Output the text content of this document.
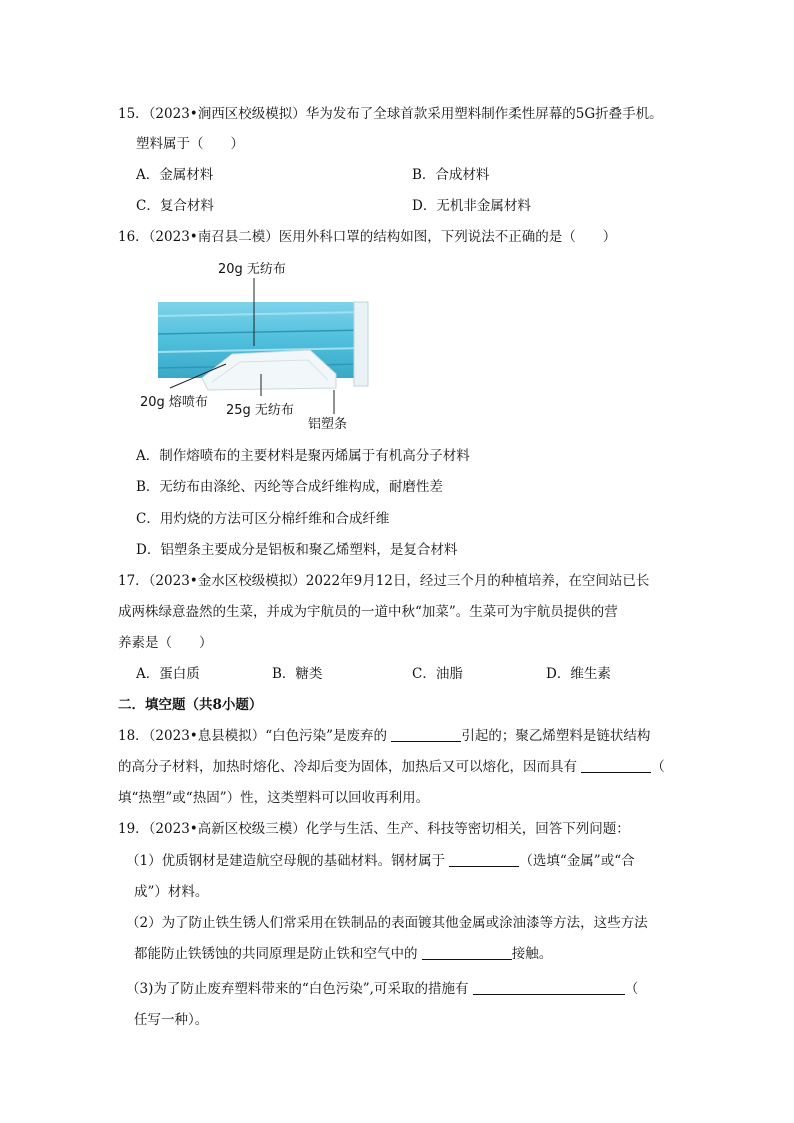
15．（2023•涧西区校级模拟）华为发布了全球首款采用塑料制作柔性屏幕的5G折叠手机。
塑料属于（　　）
A．金属材料	B．合成材料
C．复合材料	D．无机非金属材料
16．（2023•南召县二模）医用外科口罩的结构如图，下列说法不正确的是（　　）
20g 无纺布
20g 熔喷布
25g 无纺布
铝塑条
A．制作熔喷布的主要材料是聚丙烯属于有机高分子材料
B．无纺布由涤纶、丙纶等合成纤维构成，耐磨性差
C．用灼烧的方法可区分棉纤维和合成纤维
D．铝塑条主要成分是铝板和聚乙烯塑料，是复合材料
17．（2023•金水区校级模拟）2022年9月12日，经过三个月的种植培养，在空间站已长
成两株绿意盎然的生菜，并成为宇航员的一道中秋“加菜”。生菜可为宇航员提供的营
养素是（　　）
A．蛋白质	B．糖类	C．油脂	D．维生素
二．填空题（共8小题）
18．（2023•息县模拟）“白色污染”是废弃的	引起的；聚乙烯塑料是链状结构
的高分子材料，加热时熔化、冷却后变为固体，加热后又可以熔化，因而具有	（
填“热塑”或“热固”）性，这类塑料可以回收再利用。
19．（2023•高新区校级三模）化学与生活、生产、科技等密切相关，回答下列问题：
（1）优质钢材是建造航空母舰的基础材料。钢材属于	（选填“金属”或“合
成”）材料。
（2）为了防止铁生锈人们常采用在铁制品的表面镀其他金属或涂油漆等方法，这些方法
都能防止铁锈蚀的共同原理是防止铁和空气中的	接触。
（3)为了防止废弃塑料带来的“白色污染”,可采取的措施有	（
任写一种）。
